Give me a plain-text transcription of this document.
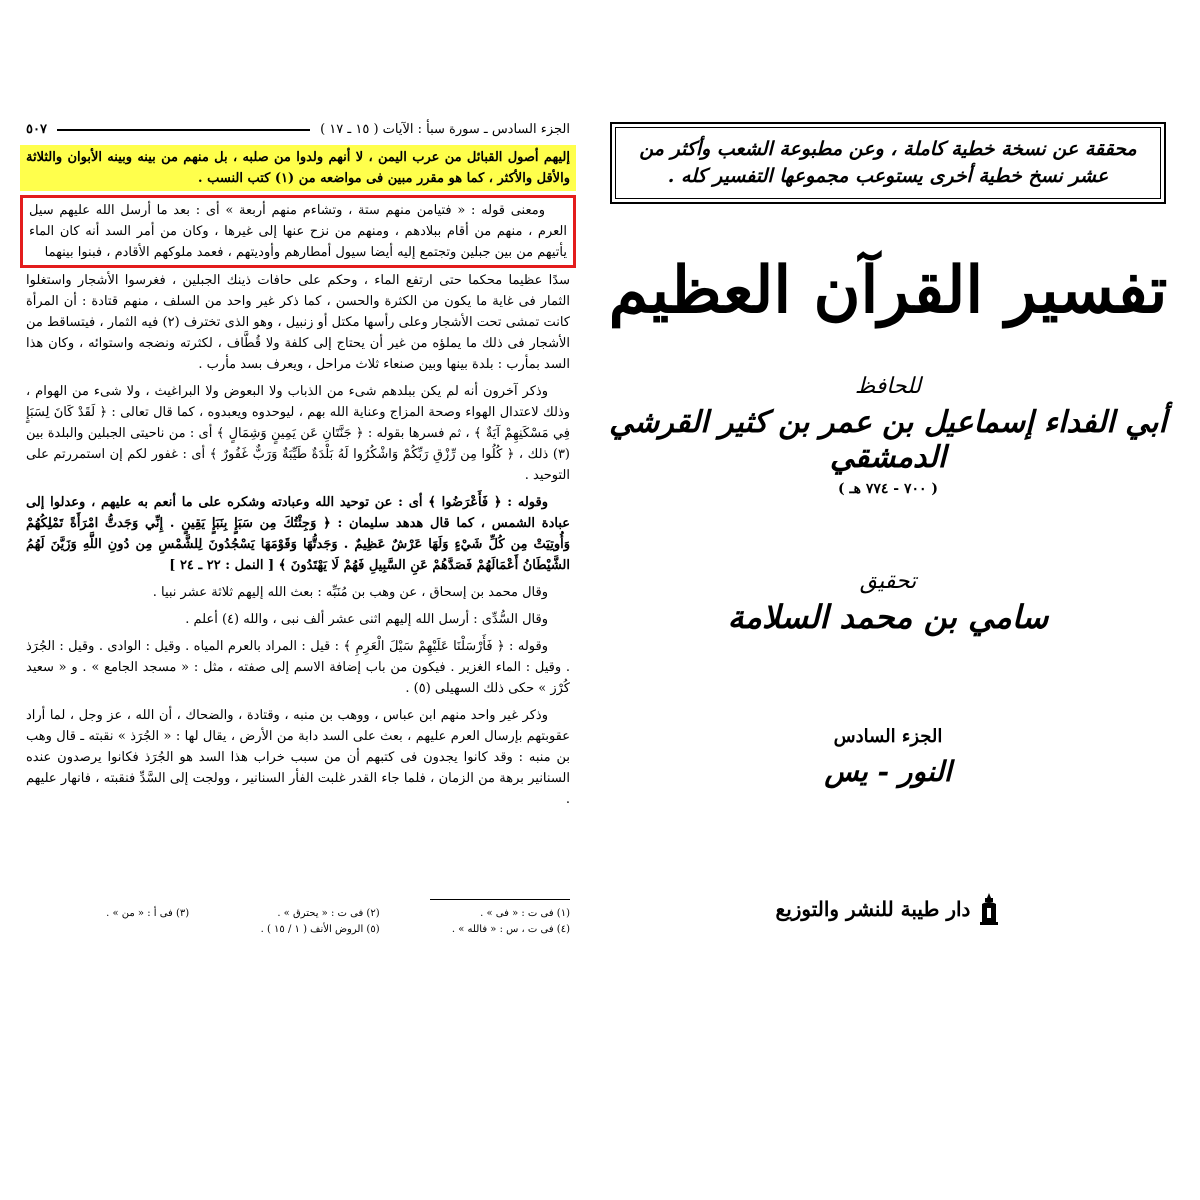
الجزء السادس ـ سورة سبأ : الآيات ( ١٥ ـ ١٧ )
٥٠٧

إليهم أصول القبائل من عرب اليمن ، لا أنهم ولدوا من صلبه ، بل منهم من بينه وبينه الأبوان والثلاثة والأقل والأكثر ، كما هو مقرر مبين فى مواضعه من (١) كتب النسب .

ومعنى قوله : « فتيامن منهم ستة ، وتشاءم منهم أربعة » أى : بعد ما أرسل الله عليهم سيل العرم ، منهم من أقام ببلادهم ، ومنهم من نزح عنها إلى غيرها ، وكان من أمر السد أنه كان الماء يأتيهم من بين جبلين وتجتمع إليه أيضا سيول أمطارهم وأوديتهم ، فعمد ملوكهم الأقادم ، فبنوا بينهما

سدًا عظيما محكما حتى ارتفع الماء ، وحكم على حافات ذينك الجبلين ، فغرسوا الأشجار واستغلوا الثمار فى غاية ما يكون من الكثرة والحسن ، كما ذكر غير واحد من السلف ، منهم قتادة : أن المرأة كانت تمشى تحت الأشجار وعلى رأسها مكتل أو زنبيل ، وهو الذى تخترف (٢) فيه الثمار ، فيتساقط من الأشجار فى ذلك ما يملؤه من غير أن يحتاج إلى كلفة ولا قُطَّاف ، لكثرته ونضجه واستوائه ، وكان هذا السد بمأرب : بلدة بينها وبين صنعاء ثلاث مراحل ، ويعرف بسد مأرب .

وذكر آخرون أنه لم يكن ببلدهم شىء من الذباب ولا البعوض ولا البراغيث ، ولا شىء من الهوام ، وذلك لاعتدال الهواء وصحة المزاج وعناية الله بهم ، ليوحدوه ويعبدوه ، كما قال تعالى : ﴿ لَقَدْ كَانَ لِسَبَإٍ فِي مَسْكَنِهِمْ آيَةٌ ﴾ ، ثم فسرها بقوله : ﴿ جَنَّتَانِ عَن يَمِينٍ وَشِمَالٍ ﴾ أى : من ناحيتى الجبلين والبلدة بين (٣) ذلك ، ﴿ كُلُوا مِن رِّزْقِ رَبِّكُمْ وَاشْكُرُوا لَهُ بَلْدَةٌ طَيِّبَةٌ وَرَبٌّ غَفُورٌ ﴾ أى : غفور لكم إن استمررتم على التوحيد .

وقوله : ﴿ فَأَعْرَضُوا ﴾ أى : عن توحيد الله وعبادته وشكره على ما أنعم به عليهم ، وعدلوا إلى عبادة الشمس ، كما قال هدهد سليمان : ﴿ وَجِئْتُكَ مِن سَبَإٍ بِنَبَإٍ يَقِينٍ . إِنِّي وَجَدتُّ امْرَأَةً تَمْلِكُهُمْ وَأُوتِيَتْ مِن كُلِّ شَيْءٍ وَلَهَا عَرْشٌ عَظِيمٌ . وَجَدتُّهَا وَقَوْمَهَا يَسْجُدُونَ لِلشَّمْسِ مِن دُونِ اللَّهِ وَزَيَّنَ لَهُمُ الشَّيْطَانُ أَعْمَالَهُمْ فَصَدَّهُمْ عَنِ السَّبِيلِ فَهُمْ لَا يَهْتَدُونَ ﴾ [ النمل : ٢٢ ـ ٢٤ ]

وقال محمد بن إسحاق ، عن وهب بن مُنَبِّه : بعث الله إليهم ثلاثة عشر نبيا .

وقال السُّدِّى : أرسل الله إليهم اثنى عشر ألف نبى ، والله (٤) أعلم .

وقوله : ﴿ فَأَرْسَلْنَا عَلَيْهِمْ سَيْلَ الْعَرِمِ ﴾ : قيل : المراد بالعرم المياه . وقيل : الوادى . وقيل : الجُرَذ . وقيل : الماء الغزير . فيكون من باب إضافة الاسم إلى صفته ، مثل : « مسجد الجامع » . و « سعيد كُرْز » حكى ذلك السهيلى (٥) .

وذكر غير واحد منهم ابن عباس ، ووهب بن منبه ، وقتادة ، والضحاك ، أن الله ، عز وجل ، لما أراد عقوبتهم بإرسال العرم عليهم ، بعث على السد دابة من الأرض ، يقال لها : « الجُرَذ » نقبته ـ قال وهب بن منبه : وقد كانوا يجدون فى كتبهم أن من سبب خراب هذا السد هو الجُرَذ فكانوا يرصدون عنده السنانير برهة من الزمان ، فلما جاء القدر غلبت الفأر السنانير ، وولجت إلى السَّدِّ فنقبته ، فانهار عليهم .

(١) فى ت : « فى » .
(٢) فى ت : « يحترق » .
(٣) فى أ : « من » .
(٤) فى ت ، س : « فالله » .
(٥) الروض الأنف ( ١ / ١٥ ) .
محققة عن نسخة خطية كاملة ، وعن مطبوعة الشعب وأكثر من عشر نسخ خطية أخرى يستوعب مجموعها التفسير كله .
تفسير القرآن العظيم
للحافظ
أبي الفداء إسماعيل بن عمر بن كثير القرشي الدمشقي
( ٧٠٠ - ٧٧٤ هـ )
تحقيق
سامي بن محمد السلامة
الجزء السادس
النور - يس
دار طيبة للنشر والتوزيع
